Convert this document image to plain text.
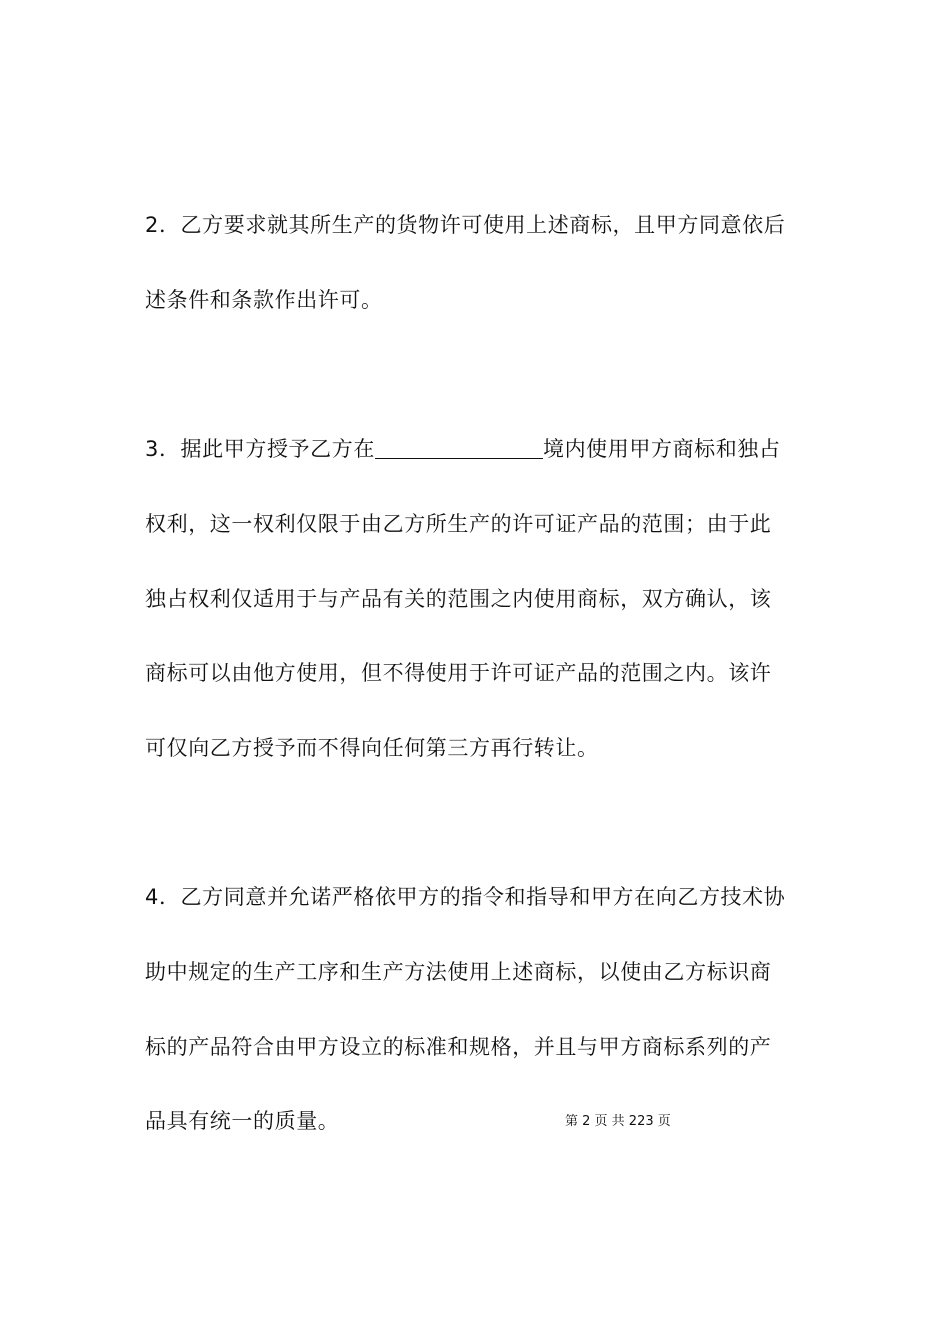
2．乙方要求就其所生产的货物许可使用上述商标，且甲方同意依后
述条件和条款作出许可。
3．据此甲方授予乙方在	境内使用甲方商标和独占
权利，这一权利仅限于由乙方所生产的许可证产品的范围；由于此
独占权利仅适用于与产品有关的范围之内使用商标，双方确认，该
商标可以由他方使用，但不得使用于许可证产品的范围之内。该许
可仅向乙方授予而不得向任何第三方再行转让。
4．乙方同意并允诺严格依甲方的指令和指导和甲方在向乙方技术协
助中规定的生产工序和生产方法使用上述商标，以使由乙方标识商
标的产品符合由甲方设立的标准和规格，并且与甲方商标系列的产
品具有统一的质量。	第 2 页 共 223 页
